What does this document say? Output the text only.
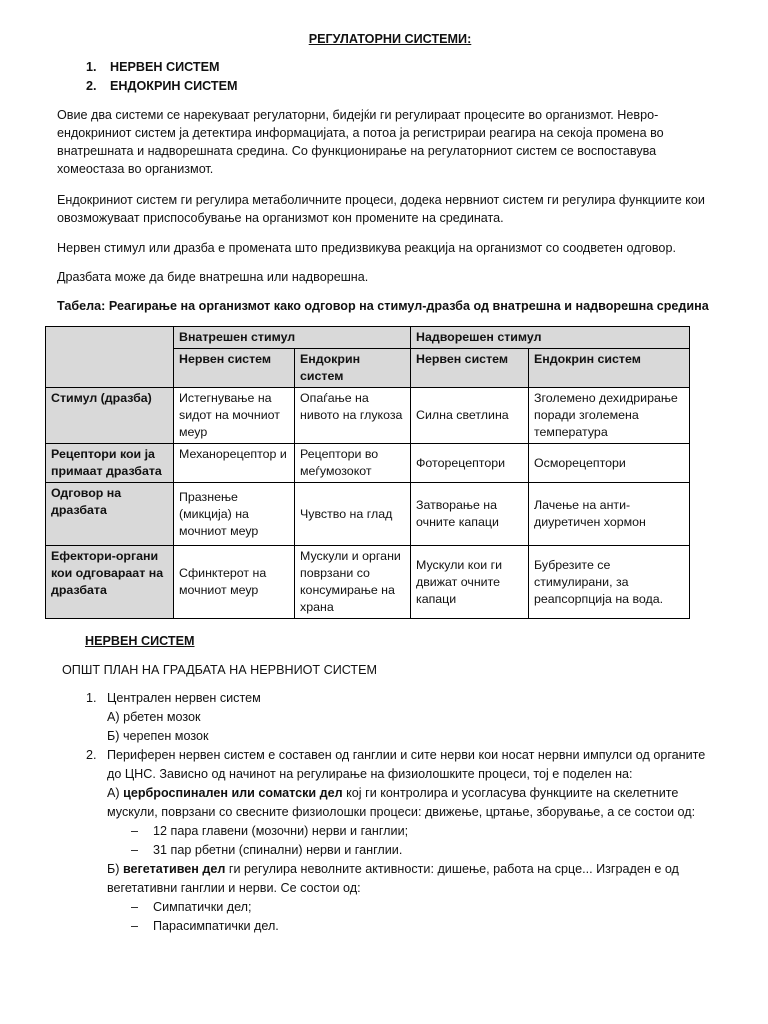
РЕГУЛАТОРНИ СИСТЕМИ:
1. НЕРВЕН СИСТЕМ
2. ЕНДОКРИН СИСТЕМ
Овие два системи се нарекуваат регулаторни, бидејќи ги регулираат процесите во организмот. Невро-
ендокриниот систем ја детектира информацијата, а потоа ја регистрираи реагира на секоја промена во
внатрешната и надворешната средина. Со функционирање на регулаторниот систем се воспоставува
хомеостаза во организмот.
Ендокриниот систем ги регулира метаболичните процеси, додека нервниот систем ги регулира функциите кои
овозможуваат приспособување на организмот кон промените на средината.
Нервен стимул или дразба е промената што предизвикува реакција на организмот со соодветен одговор.
Дразбата може да биде внатрешна или надворешна.
Табела: Реагирање на организмот како одговор на стимул-дразба од внатрешна и надворешна средина
	Внатрешен стимул		Надворешен стимул	
	Нервен систем	Ендокрин систем	Нервен систем	Ендокрин систем
Стимул (дразба)	Истегнување на ѕидот на мочниот меур	Опаѓање на нивото на глукоза	Силна светлина	Зголемено дехидрирање поради зголемена температура
Рецептори кои ја примаат дразбата	Механорецептор и	Рецептори во меѓумозокот	Фоторецептори	Осморецептори
Одговор на дразбата	Празнење (микција) на мочниот меур	Чувство на глад	Затворање на очните капаци	Лачење на анти-диуретичен хормон
Ефектори-органи кои одговараат на дразбата	Сфинктерот на мочниот меур	Мускули и органи поврзани со консумирање на храна	Мускули кои ги движат очните капаци	Бубрезите се стимулирани, за реапсорпција на вода.
НЕРВЕН СИСТЕМ
ОПШТ ПЛАН НА ГРАДБАТА НА НЕРВНИОТ СИСТЕМ
1. Централен нервен систем
А) рбетен мозок
Б) черепен мозок
2. Периферен нервен систем е составен од ганглии и сите нерви кои носат нервни импулси од органите
до ЦНС. Зависно од начинот на регулирање на физиолошките процеси, тој е поделен на:
А) церброспинален или соматски дел кој ги контролира и усогласува функциите на скелетните
мускули, поврзани со свесните физиолошки процеси: движење, цртање, зборување, а се состои од:
– 12 пара главени (мозочни) нерви и ганглии;
– 31 пар рбетни (спинални) нерви и ганглии.
Б) вегетативен дел ги регулира неволните активности: дишење, работа на срце... Изграден е од
вегетативни ганглии и нерви. Се состои од:
– Симпатички дел;
– Парасимпатички дел.
